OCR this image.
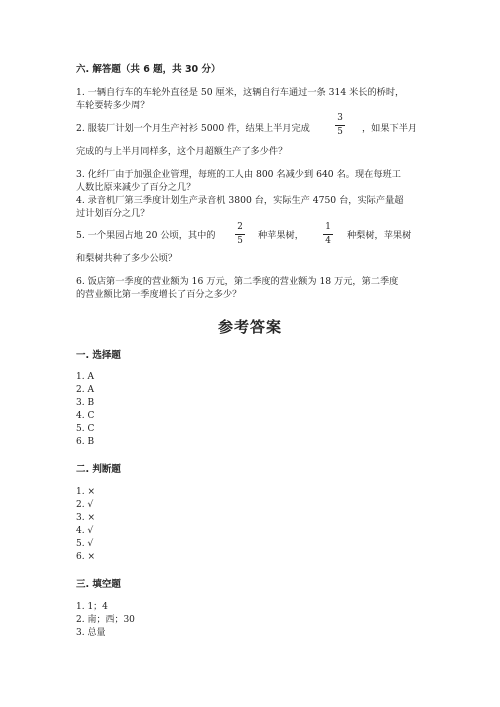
六. 解答题（共 6 题，共 30 分）
1. 一辆自行车的车轮外直径是 50 厘米，这辆自行车通过一条 314 米长的桥时，
车轮要转多少周？
2. 服装厂计划一个月生产衬衫 5000 件，结果上半月完成
3
5	，如果下半月
完成的与上半月同样多，这个月超额生产了多少件？
3. 化纤厂由于加强企业管理，每班的工人由 800 名减少到 640 名。现在每班工
人数比原来减少了百分之几？
4. 录音机厂第三季度计划生产录音机 3800 台，实际生产 4750 台，实际产量超
过计划百分之几？
5. 一个果园占地 20 公顷，其中的
2
5	种苹果树，
1
4	种梨树，苹果树
和梨树共种了多少公顷？
6. 饭店第一季度的营业额为 16 万元，第二季度的营业额为 18 万元，第二季度
的营业额比第一季度增长了百分之多少？
参考答案
一. 选择题
1. A
2. A
3. B
4. C
5. C
6. B
二. 判断题
1. ×
2. √
3. ×
4. √
5. √
6. ×
三. 填空题
1. 1；4
2. 南；西；30
3. 总量
